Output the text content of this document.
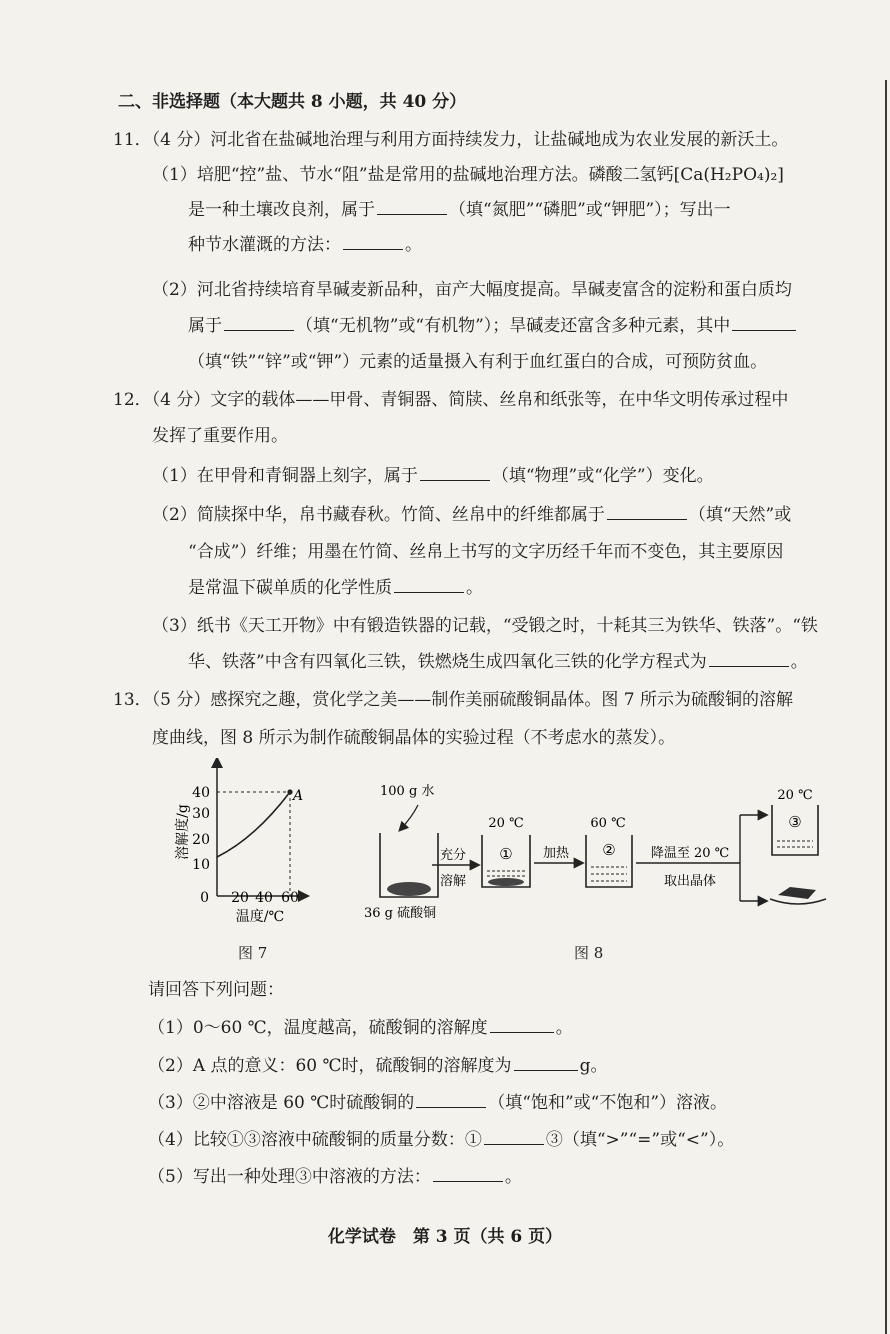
二、非选择题（本大题共 8 小题，共 40 分）
11．（4 分）河北省在盐碱地治理与利用方面持续发力，让盐碱地成为农业发展的新沃土。
（1）培肥“控”盐、节水“阻”盐是常用的盐碱地治理方法。磷酸二氢钙[Ca(H₂PO₄)₂]
是一种土壤改良剂，属于	（填“氮肥”“磷肥”或“钾肥”）；写出一
种节水灌溉的方法：	。
（2）河北省持续培育旱碱麦新品种，亩产大幅度提高。旱碱麦富含的淀粉和蛋白质均
属于	（填“无机物”或“有机物”）；旱碱麦还富含多种元素，其中
（填“铁”“锌”或“钾”）元素的适量摄入有利于血红蛋白的合成，可预防贫血。
12．（4 分）文字的载体——甲骨、青铜器、简牍、丝帛和纸张等，在中华文明传承过程中
发挥了重要作用。
（1）在甲骨和青铜器上刻字，属于	（填“物理”或“化学”）变化。
（2）简牍探中华，帛书藏春秋。竹简、丝帛中的纤维都属于	（填“天然”或
“合成”）纤维；用墨在竹简、丝帛上书写的文字历经千年而不变色，其主要原因
是常温下碳单质的化学性质	。
（3）纸书《天工开物》中有锻造铁器的记载，“受锻之时，十耗其三为铁华、铁落”。“铁
华、铁落”中含有四氧化三铁，铁燃烧生成四氧化三铁的化学方程式为	。
13．（5 分）感探究之趣，赏化学之美——制作美丽硫酸铜晶体。图 7 所示为硫酸铜的溶解
度曲线，图 8 所示为制作硫酸铜晶体的实验过程（不考虑水的蒸发）。
A
40
30
20
10
0 20 40 60
温度/℃
溶解度/g
图 7
100 g 水
36 g 硫酸铜
充分
溶解
20 ℃
① 加热
60 ℃
②	降温至 20 ℃
取出晶体
20 ℃
③
图 8
请回答下列问题：
（1）0～60 ℃，温度越高，硫酸铜的溶解度	。
（2）A 点的意义：60 ℃时，硫酸铜的溶解度为	g。
（3）②中溶液是 60 ℃时硫酸铜的	（填“饱和”或“不饱和”）溶液。
（4）比较①③溶液中硫酸铜的质量分数：①	③（填“>”“=”或“<”）。
（5）写出一种处理③中溶液的方法：	。
化学试卷　第 3 页（共 6 页）
